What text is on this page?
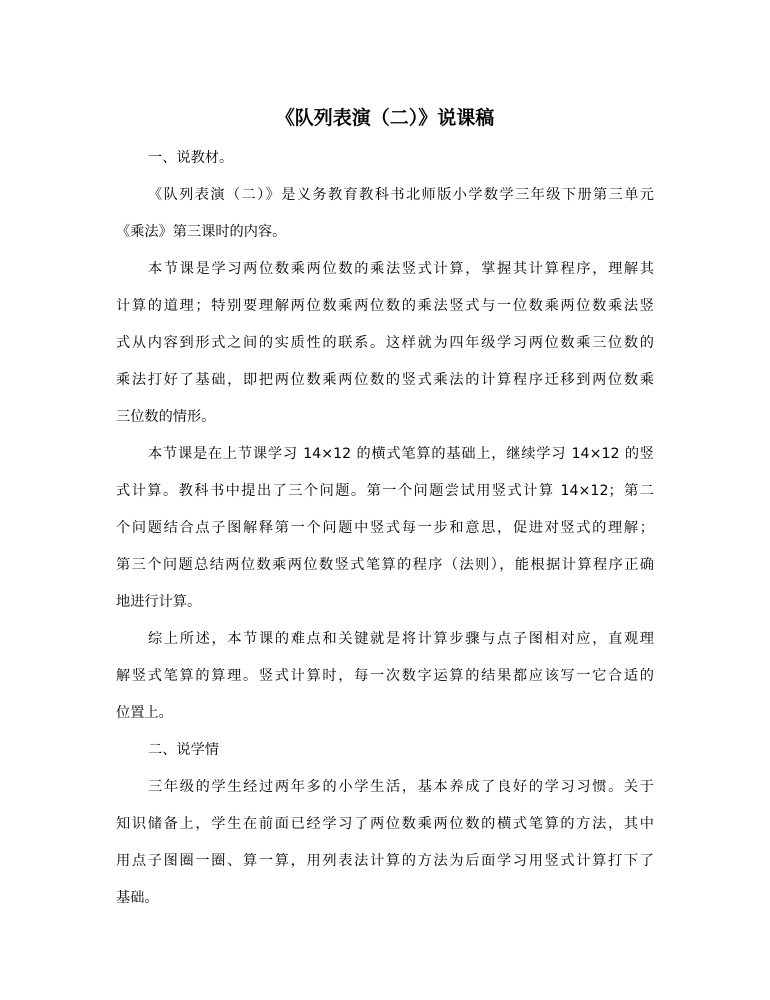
《队列表演（二）》说课稿
一、说教材。
《队列表演（二）》是义务教育教科书北师版小学数学三年级下册第三单元
《乘法》第三课时的内容。
本节课是学习两位数乘两位数的乘法竖式计算，掌握其计算程序，理解其
计算的道理；特别要理解两位数乘两位数的乘法竖式与一位数乘两位数乘法竖
式从内容到形式之间的实质性的联系。这样就为四年级学习两位数乘三位数的
乘法打好了基础，即把两位数乘两位数的竖式乘法的计算程序迁移到两位数乘
三位数的情形。
本节课是在上节课学习 14×12 的横式笔算的基础上，继续学习 14×12 的竖
式计算。教科书中提出了三个问题。第一个问题尝试用竖式计算 14×12；第二
个问题结合点子图解释第一个问题中竖式每一步和意思，促进对竖式的理解；
第三个问题总结两位数乘两位数竖式笔算的程序（法则），能根据计算程序正确
地进行计算。
综上所述，本节课的难点和关键就是将计算步骤与点子图相对应，直观理
解竖式笔算的算理。竖式计算时，每一次数字运算的结果都应该写一它合适的
位置上。
二、说学情
三年级的学生经过两年多的小学生活，基本养成了良好的学习习惯。关于
知识储备上，学生在前面已经学习了两位数乘两位数的横式笔算的方法，其中
用点子图圈一圈、算一算，用列表法计算的方法为后面学习用竖式计算打下了
基础。
